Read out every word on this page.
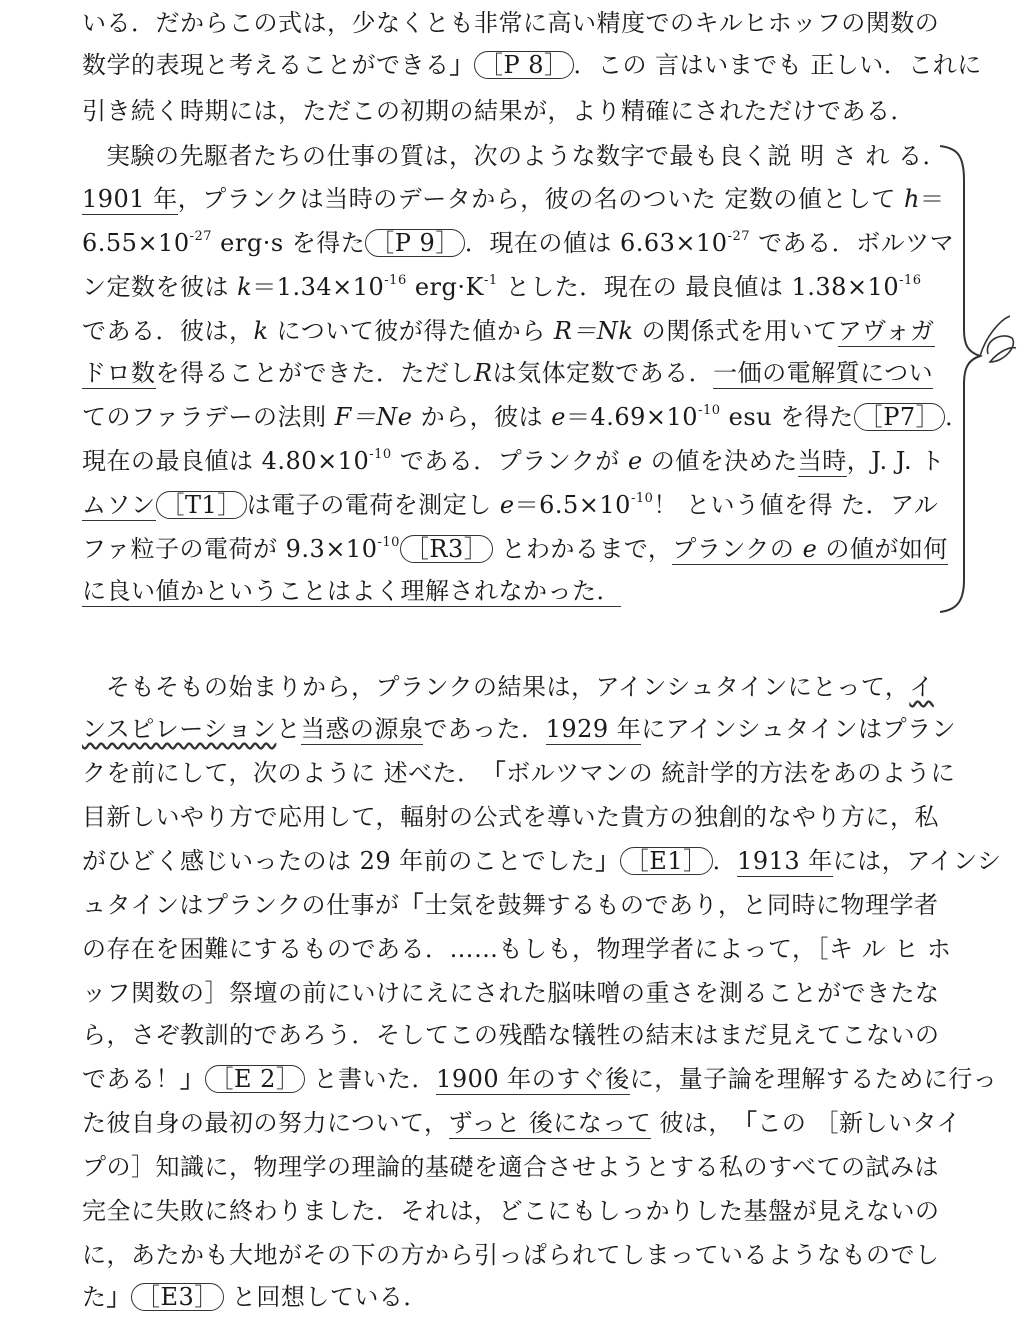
いる．だからこの式は，少なくとも非常に高い精度でのキルヒホッフの関数の
数学的表現と考えることができる」 ［P 8］ ．この 言はいまでも 正しい．これに
引き続く時期には，ただこの初期の結果が，より精確にされただけである．
実験の先駆者たちの仕事の質は，次のような数字で最も良く説 明 さ れ る．
1901 年，プランクは当時のデータから，彼の名のついた 定数の値として h＝
$6.55\times 10^{-27}$ erg·s を得た ［P 9］ ．現在の値は $6.63\times 10^{-27}$ である．ボルツマ
ン定数を彼は $k=1.34\times 10^{-16}$ $erg\cdot K^{-1}$ とした．現在の 最良値は $1.38\times 10^{-16}$
である．彼は，k について彼が得た値から R＝Nk の関係式を用いてアヴォガ
ドロ数を得ることができた．ただしRは気体定数である．一価の電解質につい
てのファラデーの法則 F＝Ne から，彼は $e=4.69\times 10^{-10}$ esu を得た ［P7］ ．
現在の最良値は $4.80\times 10^{-10}$ である．プランクが e の値を決めた当時，J. J. ト
ムソン ［T1］ は電子の電荷を測定し $e=6.5\times 10^{-10}$！ という値を得 た．アル
ファ粒子の電荷が $9.3\times 10^{-10}$ ［R3］ とわかるまで，プランクの e の値が如何
に良い値かということはよく理解されなかった．
そもそもの始まりから，プランクの結果は，アインシュタインにとって，イ
ンスピレーションと当惑の源泉であった．1929 年にアインシュタインはプラン
クを前にして，次のように 述べた．「ボルツマンの 統計学的方法をあのように
目新しいやり方で応用して，輻射の公式を導いた貴方の独創的なやり方に，私
がひどく感じいったのは 29 年前のことでした」 ［E1］ ．1913 年には，アインシ
ュタインはプランクの仕事が「士気を鼓舞するものであり，と同時に物理学者
の存在を困難にするものである．……もしも，物理学者によって，［キ ル ヒ ホ
ッフ関数の］祭壇の前にいけにえにされた脳味噌の重さを測ることができたな
ら，さぞ教訓的であろう．そしてこの残酷な犠牲の結末はまだ見えてこないの
である！」 ［E 2］ と書いた．1900 年のすぐ後に，量子論を理解するために行っ
た彼自身の最初の努力について，ずっと 後になって 彼は，「この ［新しいタイ
プの］知識に，物理学の理論的基礎を適合させようとする私のすべての試みは
完全に失敗に終わりました．それは，どこにもしっかりした基盤が見えないの
に，あたかも大地がその下の方から引っぱられてしまっているようなものでし
た」 ［E3］ と回想している．
